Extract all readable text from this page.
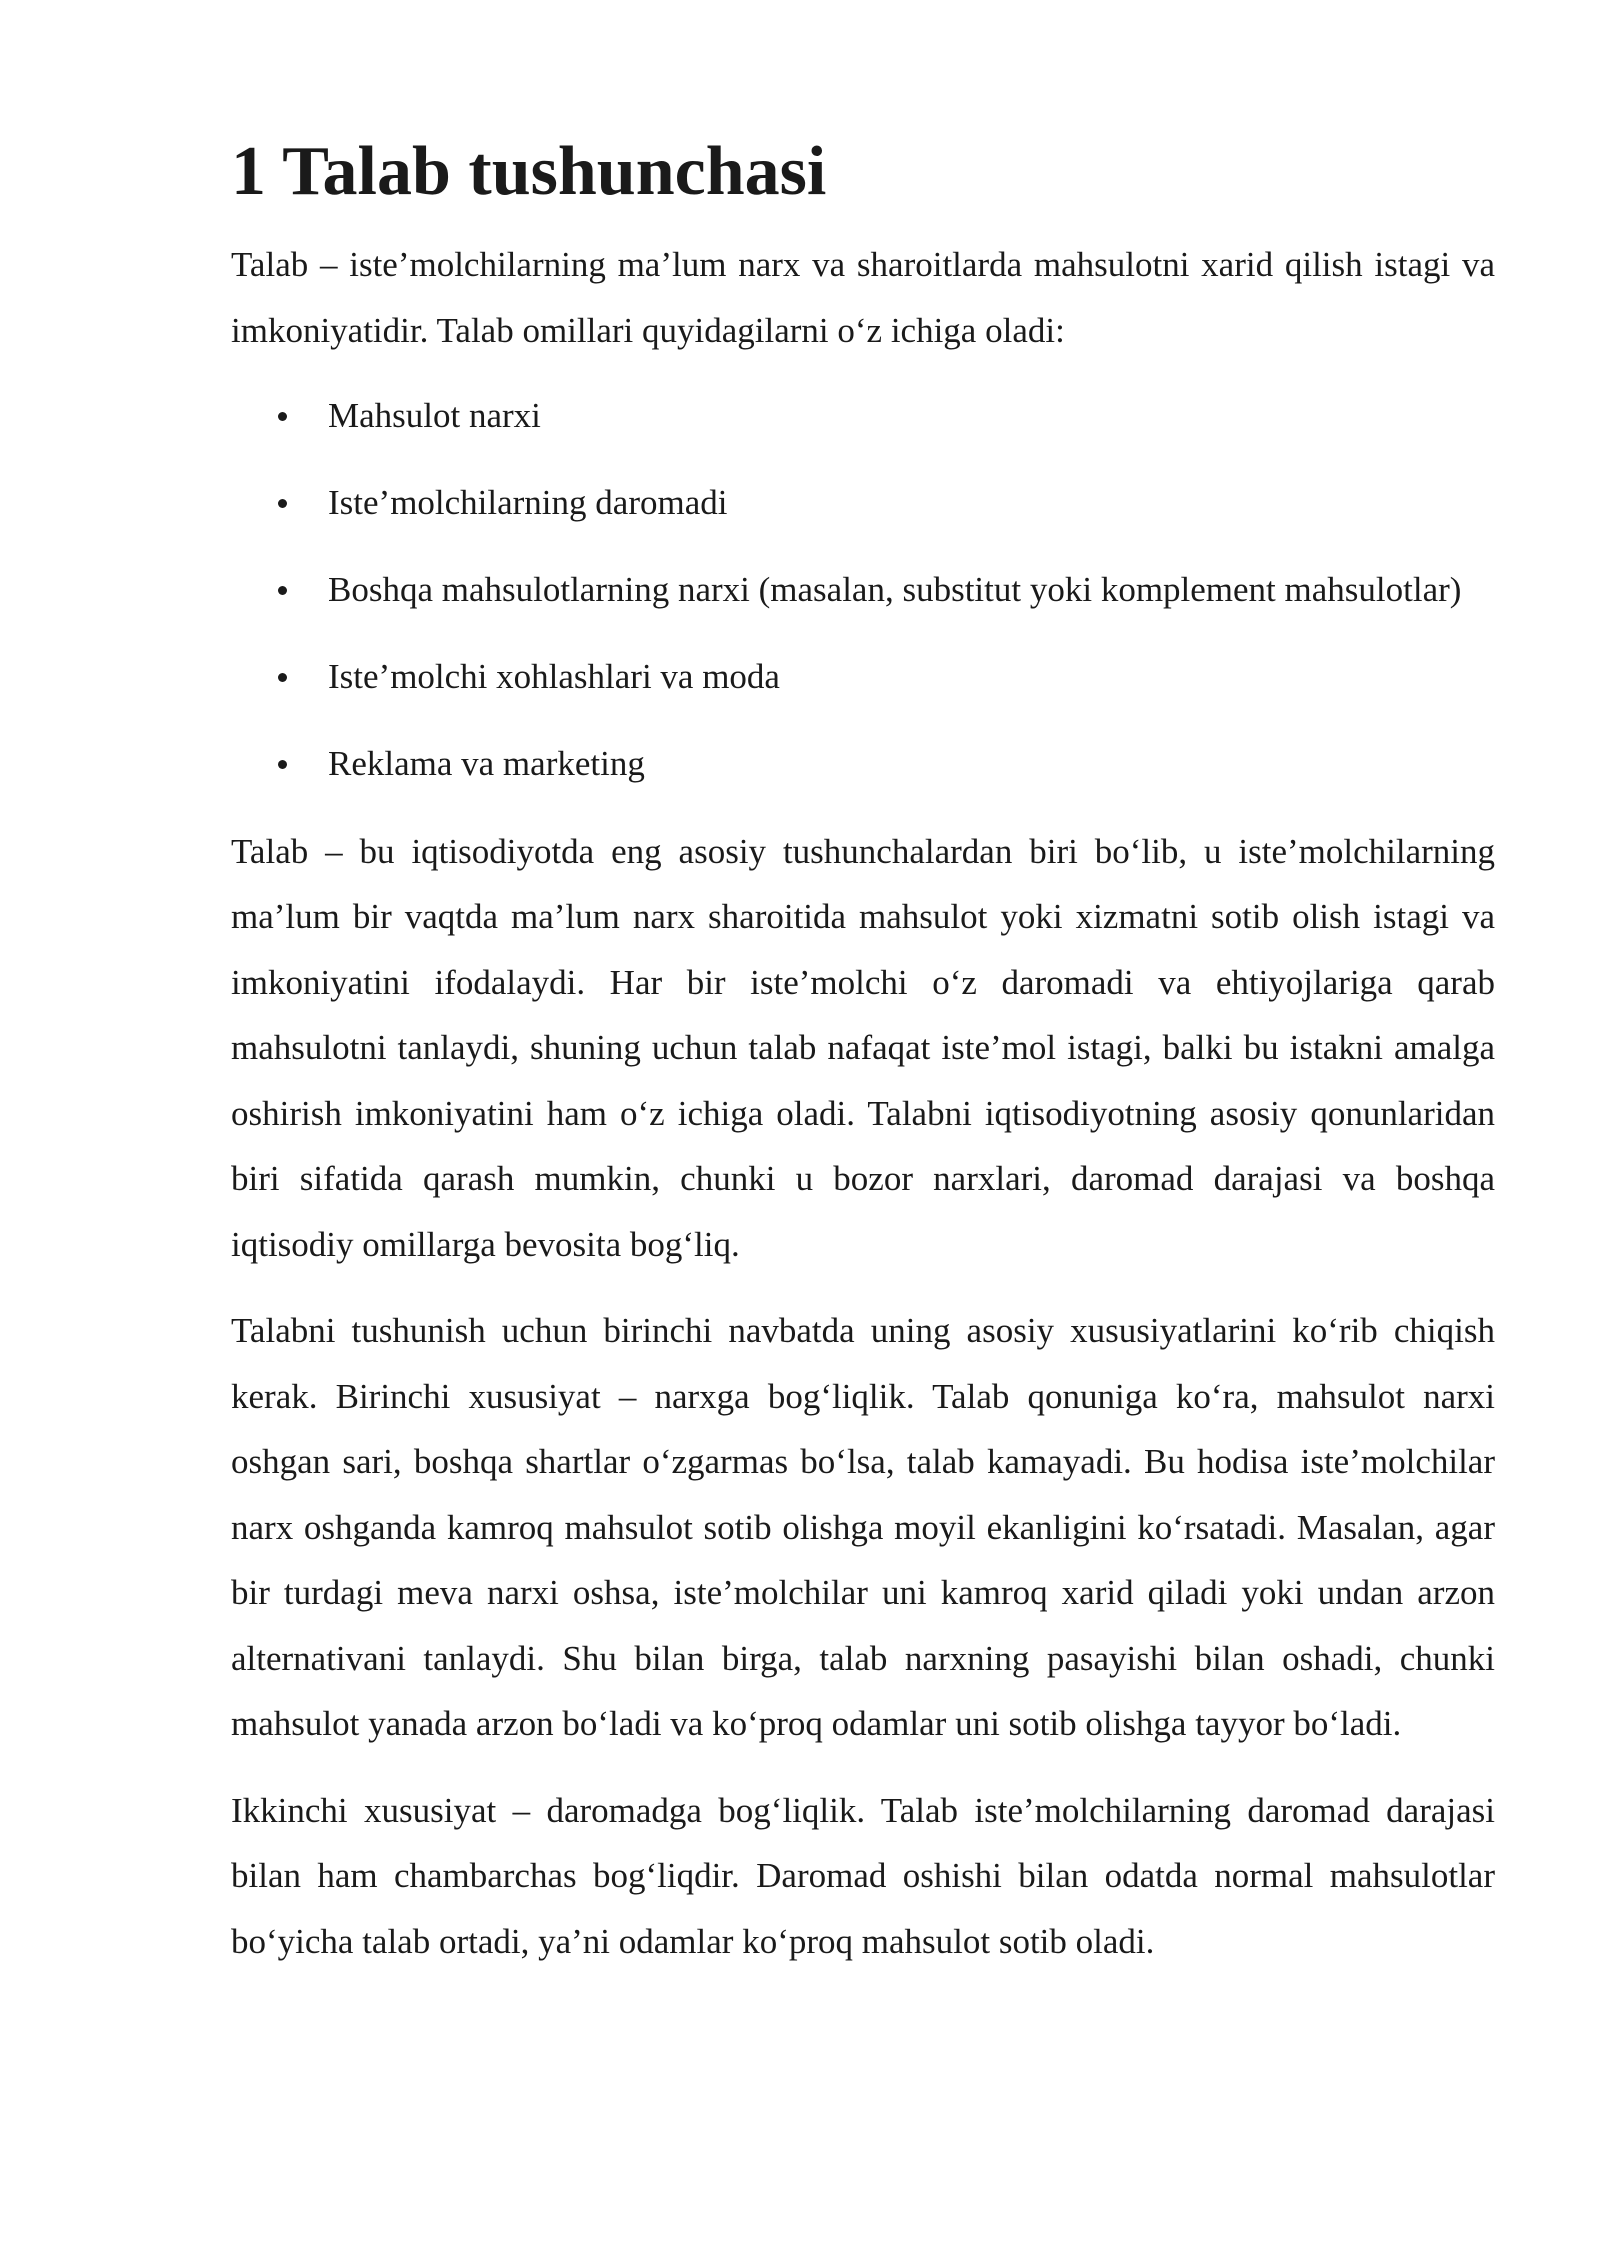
1 Talab tushunchasi

Talab – iste’molchilarning ma’lum narx va sharoitlarda mahsulotni xarid qilish istagi va imkoniyatidir. Talab omillari quyidagilarni o‘z ichiga oladi:

Mahsulot narxi
Iste’molchilarning daromadi
Boshqa mahsulotlarning narxi (masalan, substitut yoki komplement mahsulotlar)
Iste’molchi xohlashlari va moda
Reklama va marketing

Talab – bu iqtisodiyotda eng asosiy tushunchalardan biri bo‘lib, u iste’molchilarning ma’lum bir vaqtda ma’lum narx sharoitida mahsulot yoki xizmatni sotib olish istagi va imkoniyatini ifodalaydi. Har bir iste’molchi o‘z daromadi va ehtiyojlariga qarab mahsulotni tanlaydi, shuning uchun talab nafaqat iste’mol istagi, balki bu istakni amalga oshirish imkoniyatini ham o‘z ichiga oladi. Talabni iqtisodiyotning asosiy qonunlaridan biri sifatida qarash mumkin, chunki u bozor narxlari, daromad darajasi va boshqa iqtisodiy omillarga bevosita bog‘liq.

Talabni tushunish uchun birinchi navbatda uning asosiy xususiyatlarini ko‘rib chiqish kerak. Birinchi xususiyat – narxga bog‘liqlik. Talab qonuniga ko‘ra, mahsulot narxi oshgan sari, boshqa shartlar o‘zgarmas bo‘lsa, talab kamayadi. Bu hodisa iste’molchilar narx oshganda kamroq mahsulot sotib olishga moyil ekanligini ko‘rsatadi. Masalan, agar bir turdagi meva narxi oshsa, iste’molchilar uni kamroq xarid qiladi yoki undan arzon alternativani tanlaydi. Shu bilan birga, talab narxning pasayishi bilan oshadi, chunki mahsulot yanada arzon bo‘ladi va ko‘proq odamlar uni sotib olishga tayyor bo‘ladi.

Ikkinchi xususiyat – daromadga bog‘liqlik. Talab iste’molchilarning daromad darajasi bilan ham chambarchas bog‘liqdir. Daromad oshishi bilan odatda normal mahsulotlar bo‘yicha talab ortadi, ya’ni odamlar ko‘proq mahsulot sotib oladi.
